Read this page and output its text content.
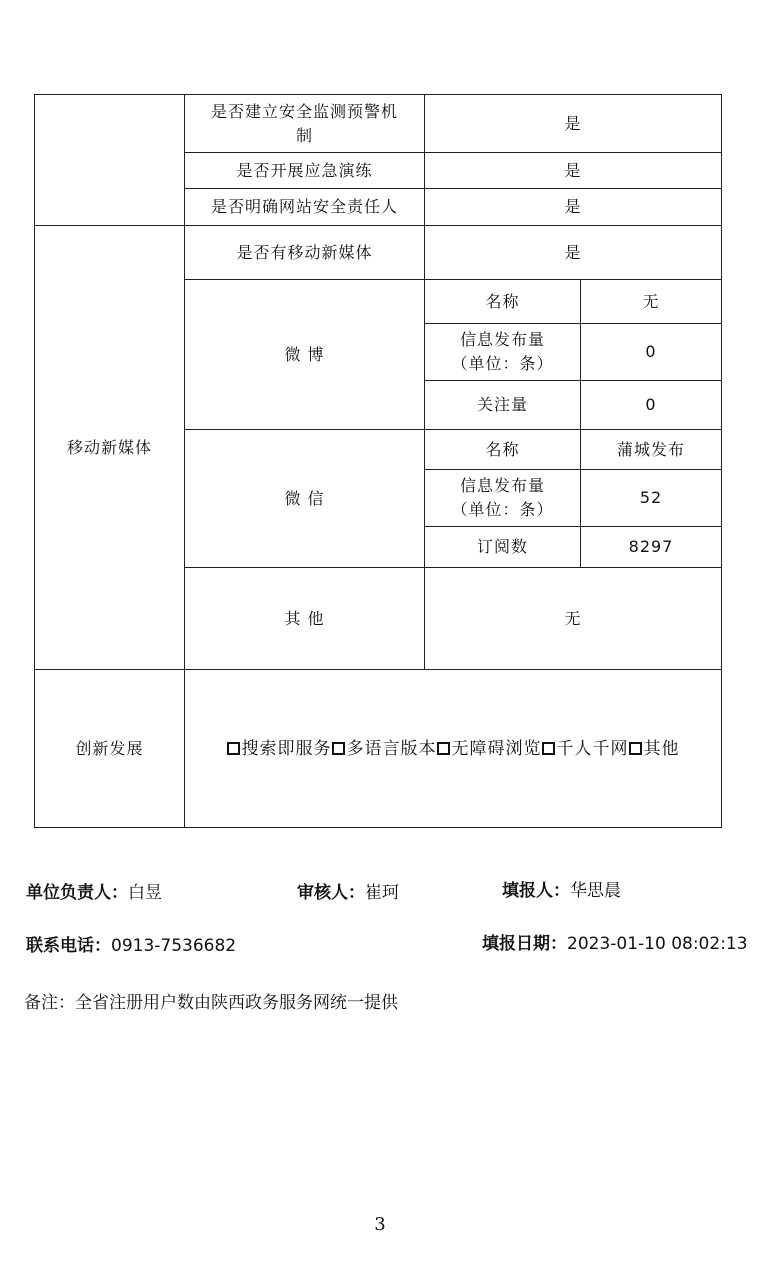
	是否建立安全监测预警机制	是	
	是否开展应急演练	是	
	是否明确网站安全责任人	是	
移动新媒体	是否有移动新媒体	是	
	微 博	名称	无
		信息发布量
（单位：条）	0
		关注量	0
	微 信	名称	蒲城发布
		信息发布量
（单位：条）	52
		订阅数	8297
	其 他	无	
创新发展	搜索即服务 多语言版本 无障碍浏览 千人千网 其他		
单位负责人：白昱	审核人：崔珂	填报人：华思晨
联系电话：0913-7536682	填报日期：2023-01-10 08:02:13
备注：全省注册用户数由陕西政务服务网统一提供
3
